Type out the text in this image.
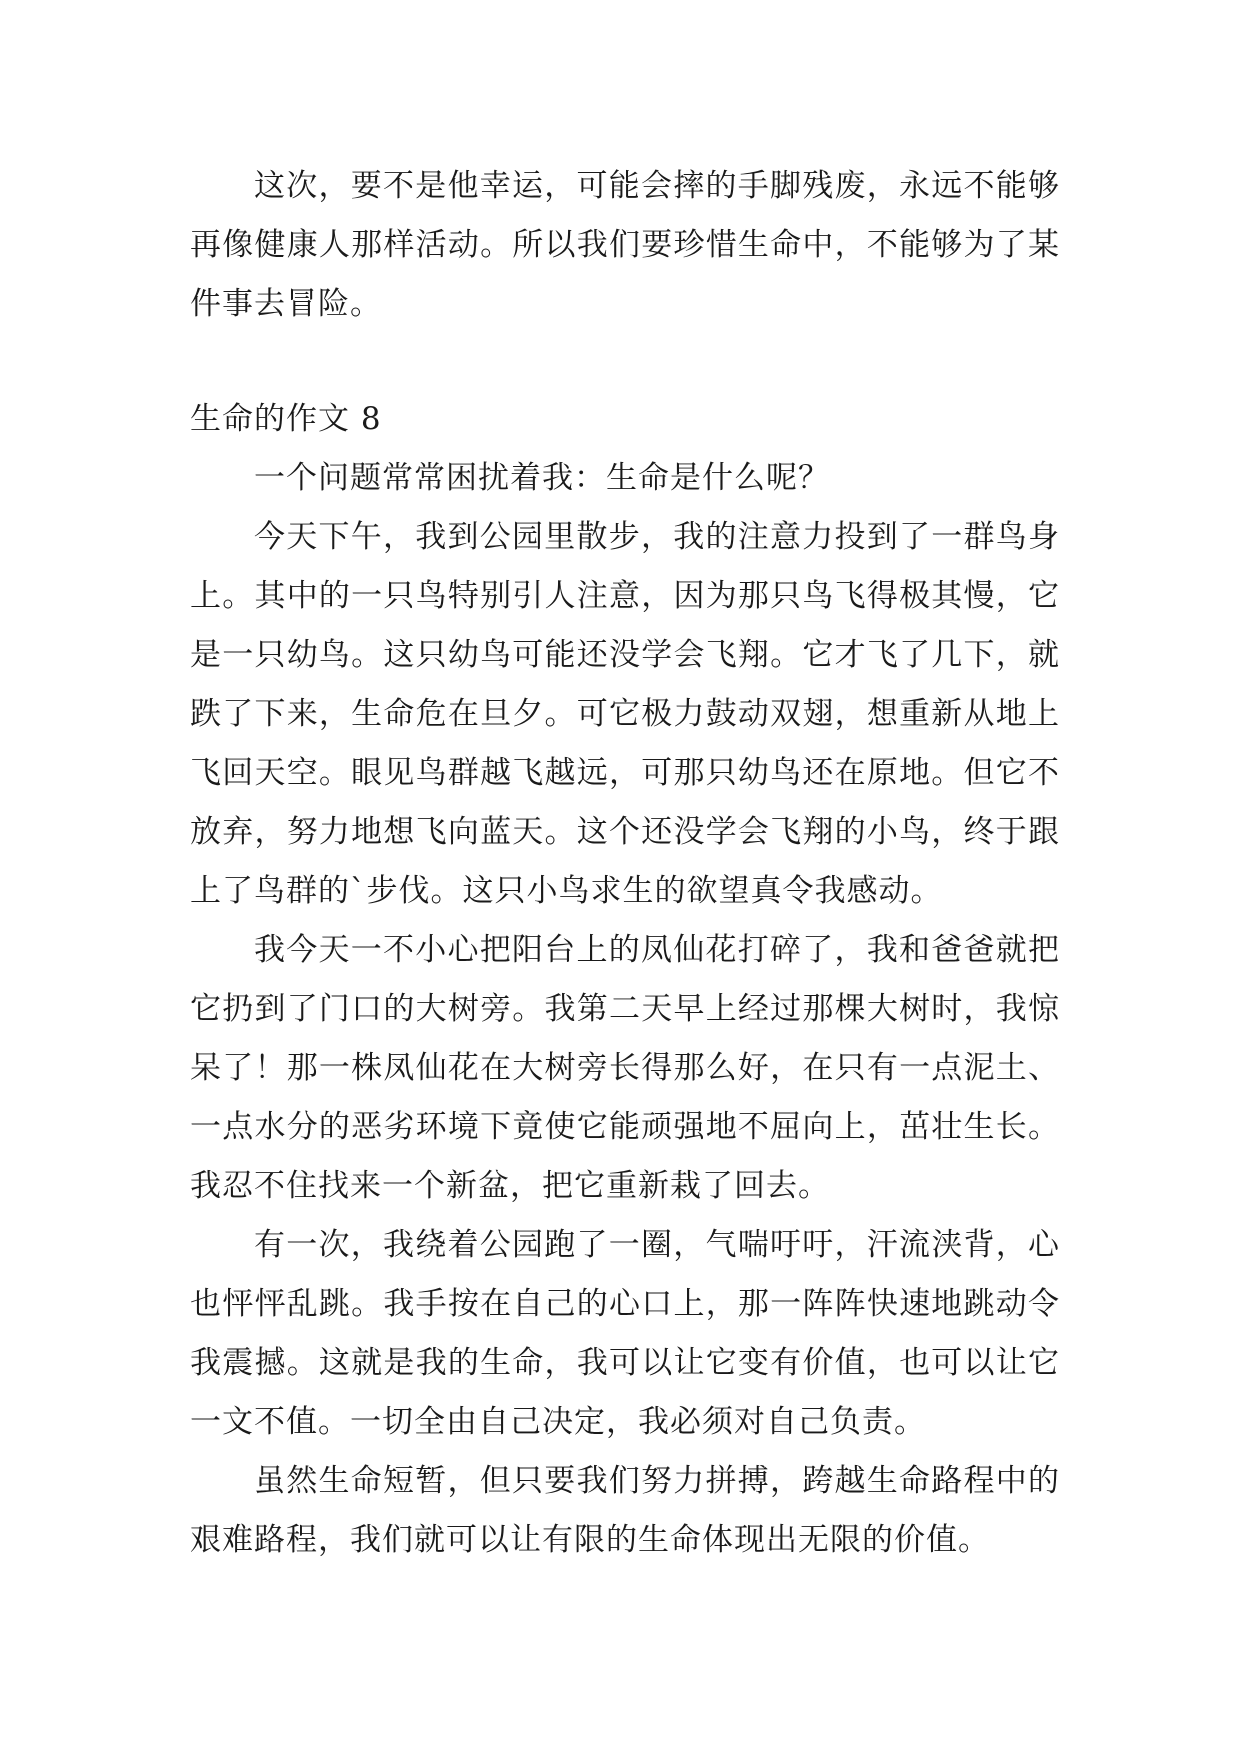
这次，要不是他幸运，可能会摔的手脚残废，永远不能够再像健康人那样活动。所以我们要珍惜生命中，不能够为了某件事去冒险。

生命的作文 8

一个问题常常困扰着我：生命是什么呢？

今天下午，我到公园里散步，我的注意力投到了一群鸟身上。其中的一只鸟特别引人注意，因为那只鸟飞得极其慢，它是一只幼鸟。这只幼鸟可能还没学会飞翔。它才飞了几下，就跌了下来，生命危在旦夕。可它极力鼓动双翅，想重新从地上飞回天空。眼见鸟群越飞越远，可那只幼鸟还在原地。但它不放弃，努力地想飞向蓝天。这个还没学会飞翔的小鸟，终于跟上了鸟群的`步伐。这只小鸟求生的欲望真令我感动。

我今天一不小心把阳台上的凤仙花打碎了，我和爸爸就把它扔到了门口的大树旁。我第二天早上经过那棵大树时，我惊呆了！那一株凤仙花在大树旁长得那么好，在只有一点泥土、一点水分的恶劣环境下竟使它能顽强地不屈向上，茁壮生长。我忍不住找来一个新盆，把它重新栽了回去。

有一次，我绕着公园跑了一圈，气喘吁吁，汗流浃背，心也怦怦乱跳。我手按在自己的心口上，那一阵阵快速地跳动令我震撼。这就是我的生命，我可以让它变有价值，也可以让它一文不值。一切全由自己决定，我必须对自己负责。

虽然生命短暂，但只要我们努力拼搏，跨越生命路程中的艰难路程，我们就可以让有限的生命体现出无限的价值。
